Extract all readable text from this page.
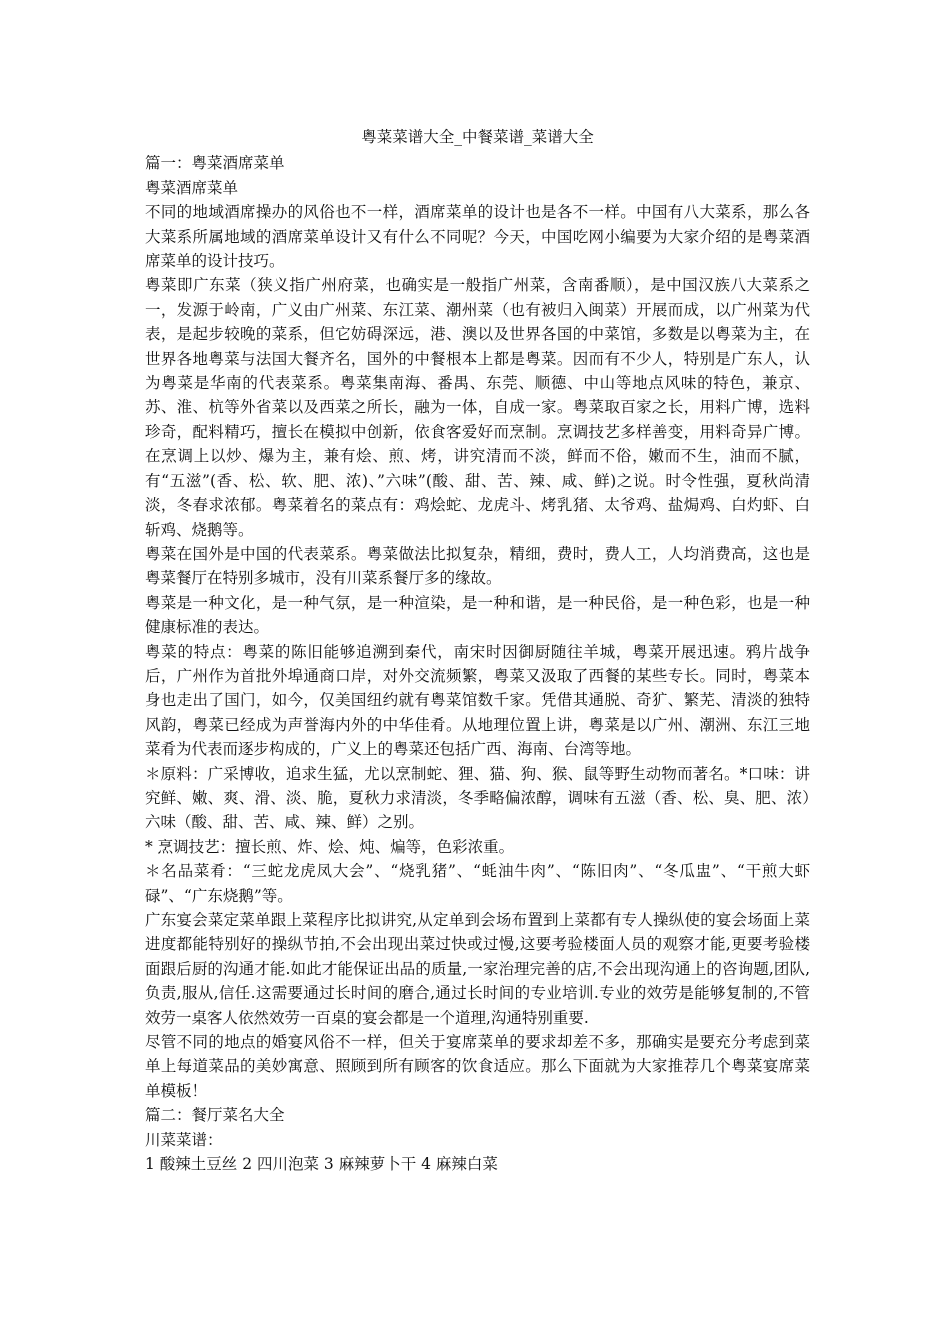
粤菜菜谱大全_中餐菜谱_菜谱大全

篇一：粤菜酒席菜单

粤菜酒席菜单

不同的地域酒席操办的风俗也不一样，酒席菜单的设计也是各不一样。中国有八大菜系，那么各大菜系所属地域的酒席菜单设计又有什么不同呢？今天，中国吃网小编要为大家介绍的是粤菜酒席菜单的设计技巧。

粤菜即广东菜（狭义指广州府菜，也确实是一般指广州菜，含南番顺），是中国汉族八大菜系之一，发源于岭南，广义由广州菜、东江菜、潮州菜（也有被归入闽菜）开展而成，以广州菜为代表，是起步较晚的菜系，但它妨碍深远，港、澳以及世界各国的中菜馆，多数是以粤菜为主，在世界各地粤菜与法国大餐齐名，国外的中餐根本上都是粤菜。因而有不少人，特别是广东人，认为粤菜是华南的代表菜系。粤菜集南海、番禺、东莞、顺德、中山等地点风味的特色，兼京、苏、淮、杭等外省菜以及西菜之所长，融为一体，自成一家。粤菜取百家之长，用料广博，选料珍奇，配料精巧，擅长在模拟中创新，依食客爱好而烹制。烹调技艺多样善变，用料奇异广博。在烹调上以炒、爆为主，兼有烩、煎、烤，讲究清而不淡，鲜而不俗，嫩而不生，油而不腻，有“五滋”(香、松、软、肥、浓)、”六味”(酸、甜、苦、辣、咸、鲜)之说。时令性强，夏秋尚清淡，冬春求浓郁。粤菜着名的菜点有：鸡烩蛇、龙虎斗、烤乳猪、太爷鸡、盐焗鸡、白灼虾、白斩鸡、烧鹅等。

粤菜在国外是中国的代表菜系。粤菜做法比拟复杂，精细，费时，费人工，人均消费高，这也是粤菜餐厅在特别多城市，没有川菜系餐厅多的缘故。

粤菜是一种文化，是一种气氛，是一种渲染，是一种和谐，是一种民俗，是一种色彩，也是一种健康标准的表达。

粤菜的特点：粤菜的陈旧能够追溯到秦代，南宋时因御厨随往羊城，粤菜开展迅速。鸦片战争后，广州作为首批外埠通商口岸，对外交流频繁，粤菜又汲取了西餐的某些专长。同时，粤菜本身也走出了国门，如今，仅美国纽约就有粤菜馆数千家。凭借其通脱、奇犷、繁芜、清淡的独特风韵，粤菜已经成为声誉海内外的中华佳肴。从地理位置上讲，粤菜是以广州、潮洲、东江三地菜肴为代表而逐步构成的，广义上的粤菜还包括广西、海南、台湾等地。

＊原料：广采博收，追求生猛，尤以烹制蛇、狸、猫、狗、猴、鼠等野生动物而著名。*口味：讲究鲜、嫩、爽、滑、淡、脆，夏秋力求清淡，冬季略偏浓醇，调味有五滋（香、松、臭、肥、浓）六味（酸、甜、苦、咸、辣、鲜）之别。

* 烹调技艺：擅长煎、炸、烩、炖、煸等，色彩浓重。

＊名品菜肴：“三蛇龙虎凤大会”、“烧乳猪”、“蚝油牛肉”、“陈旧肉”、“冬瓜盅”、“干煎大虾碌”、“广东烧鹅”等。

广东宴会菜定菜单跟上菜程序比拟讲究,从定单到会场布置到上菜都有专人操纵使的宴会场面上菜进度都能特别好的操纵节拍,不会出现出菜过快或过慢,这要考验楼面人员的观察才能,更要考验楼面跟后厨的沟通才能.如此才能保证出品的质量,一家治理完善的店,不会出现沟通上的咨询题,团队,负责,服从,信任.这需要通过长时间的磨合,通过长时间的专业培训.专业的效劳是能够复制的,不管效劳一桌客人依然效劳一百桌的宴会都是一个道理,沟通特别重要.

尽管不同的地点的婚宴风俗不一样，但关于宴席菜单的要求却差不多，那确实是要充分考虑到菜单上每道菜品的美妙寓意、照顾到所有顾客的饮食适应。那么下面就为大家推荐几个粤菜宴席菜单模板！

篇二：餐厅菜名大全

川菜菜谱：

1 酸辣土豆丝 2 四川泡菜 3 麻辣萝卜干 4 麻辣白菜
